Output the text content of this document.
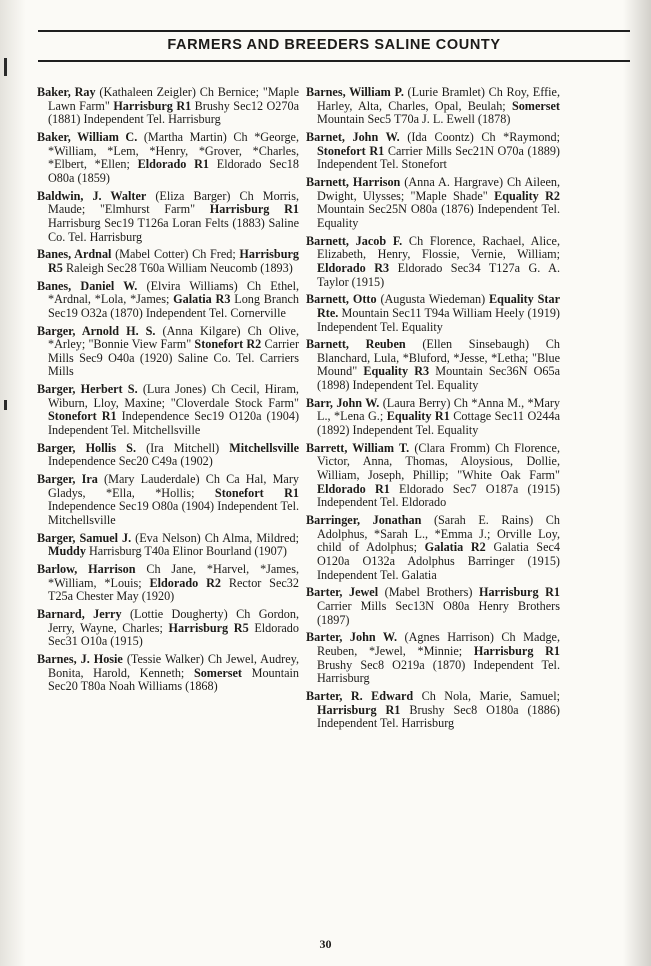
FARMERS AND BREEDERS SALINE COUNTY

Baker, Ray (Kathaleen Zeigler) Ch Bernice; "Maple Lawn Farm" Harrisburg R1 Brushy Sec12 O270a (1881) Independent Tel. Harrisburg

Baker, William C. (Martha Martin) Ch *George, *William, *Lem, *Henry, *Grover, *Charles, *Elbert, *Ellen; Eldorado R1 Eldorado Sec18 O80a (1859)

Baldwin, J. Walter (Eliza Barger) Ch Morris, Maude; "Elmhurst Farm" Harrisburg R1 Harrisburg Sec19 T126a Loran Felts (1883) Saline Co. Tel. Harrisburg

Banes, Ardnal (Mabel Cotter) Ch Fred; Harrisburg R5 Raleigh Sec28 T60a William Neucomb (1893)

Banes, Daniel W. (Elvira Williams) Ch Ethel, *Ardnal, *Lola, *James; Galatia R3 Long Branch Sec19 O32a (1870) Independent Tel. Cornerville

Barger, Arnold H. S. (Anna Kilgare) Ch Olive, *Arley; "Bonnie View Farm" Stonefort R2 Carrier Mills Sec9 O40a (1920) Saline Co. Tel. Carriers Mills

Barger, Herbert S. (Lura Jones) Ch Cecil, Hiram, Wiburn, Lloy, Maxine; "Cloverdale Stock Farm" Stonefort R1 Independence Sec19 O120a (1904) Independent Tel. Mitchellsville

Barger, Hollis S. (Ira Mitchell) Mitchellsville Independence Sec20 C49a (1902)

Barger, Ira (Mary Lauderdale) Ch Ca Hal, Mary Gladys, *Ella, *Hollis; Stonefort R1 Independence Sec19 O80a (1904) Independent Tel. Mitchellsville

Barger, Samuel J. (Eva Nelson) Ch Alma, Mildred; Muddy Harrisburg T40a Elinor Bourland (1907)

Barlow, Harrison Ch Jane, *Harvel, *James, *William, *Louis; Eldorado R2 Rector Sec32 T25a Chester May (1920)

Barnard, Jerry (Lottie Dougherty) Ch Gordon, Jerry, Wayne, Charles; Harrisburg R5 Eldorado Sec31 O10a (1915)

Barnes, J. Hosie (Tessie Walker) Ch Jewel, Audrey, Bonita, Harold, Kenneth; Somerset Mountain Sec20 T80a Noah Williams (1868)

Barnes, William P. (Lurie Bramlet) Ch Roy, Effie, Harley, Alta, Charles, Opal, Beulah; Somerset Mountain Sec5 T70a J. L. Ewell (1878)

Barnet, John W. (Ida Coontz) Ch *Raymond; Stonefort R1 Carrier Mills Sec21N O70a (1889) Independent Tel. Stonefort

Barnett, Harrison (Anna A. Hargrave) Ch Aileen, Dwight, Ulysses; "Maple Shade" Equality R2 Mountain Sec25N O80a (1876) Independent Tel. Equality

Barnett, Jacob F. Ch Florence, Rachael, Alice, Elizabeth, Henry, Flossie, Vernie, William; Eldorado R3 Eldorado Sec34 T127a G. A. Taylor (1915)

Barnett, Otto (Augusta Wiedeman) Equality Star Rte. Mountain Sec11 T94a William Heely (1919) Independent Tel. Equality

Barnett, Reuben (Ellen Sinsebaugh) Ch Blanchard, Lula, *Bluford, *Jesse, *Letha; "Blue Mound" Equality R3 Mountain Sec36N O65a (1898) Independent Tel. Equality

Barr, John W. (Laura Berry) Ch *Anna M., *Mary L., *Lena G.; Equality R1 Cottage Sec11 O244a (1892) Independent Tel. Equality

Barrett, William T. (Clara Fromm) Ch Florence, Victor, Anna, Thomas, Aloysious, Dollie, William, Joseph, Phillip; "White Oak Farm" Eldorado R1 Eldorado Sec7 O187a (1915) Independent Tel. Eldorado

Barringer, Jonathan (Sarah E. Rains) Ch Adolphus, *Sarah L., *Emma J.; Orville Loy, child of Adolphus; Galatia R2 Galatia Sec4 O120a O132a Adolphus Barringer (1915) Independent Tel. Galatia

Barter, Jewel (Mabel Brothers) Harrisburg R1 Carrier Mills Sec13N O80a Henry Brothers (1897)

Barter, John W. (Agnes Harrison) Ch Madge, Reuben, *Jewel, *Minnie; Harrisburg R1 Brushy Sec8 O219a (1870) Independent Tel. Harrisburg

Barter, R. Edward Ch Nola, Marie, Samuel; Harrisburg R1 Brushy Sec8 O180a (1886) Independent Tel. Harrisburg

30
